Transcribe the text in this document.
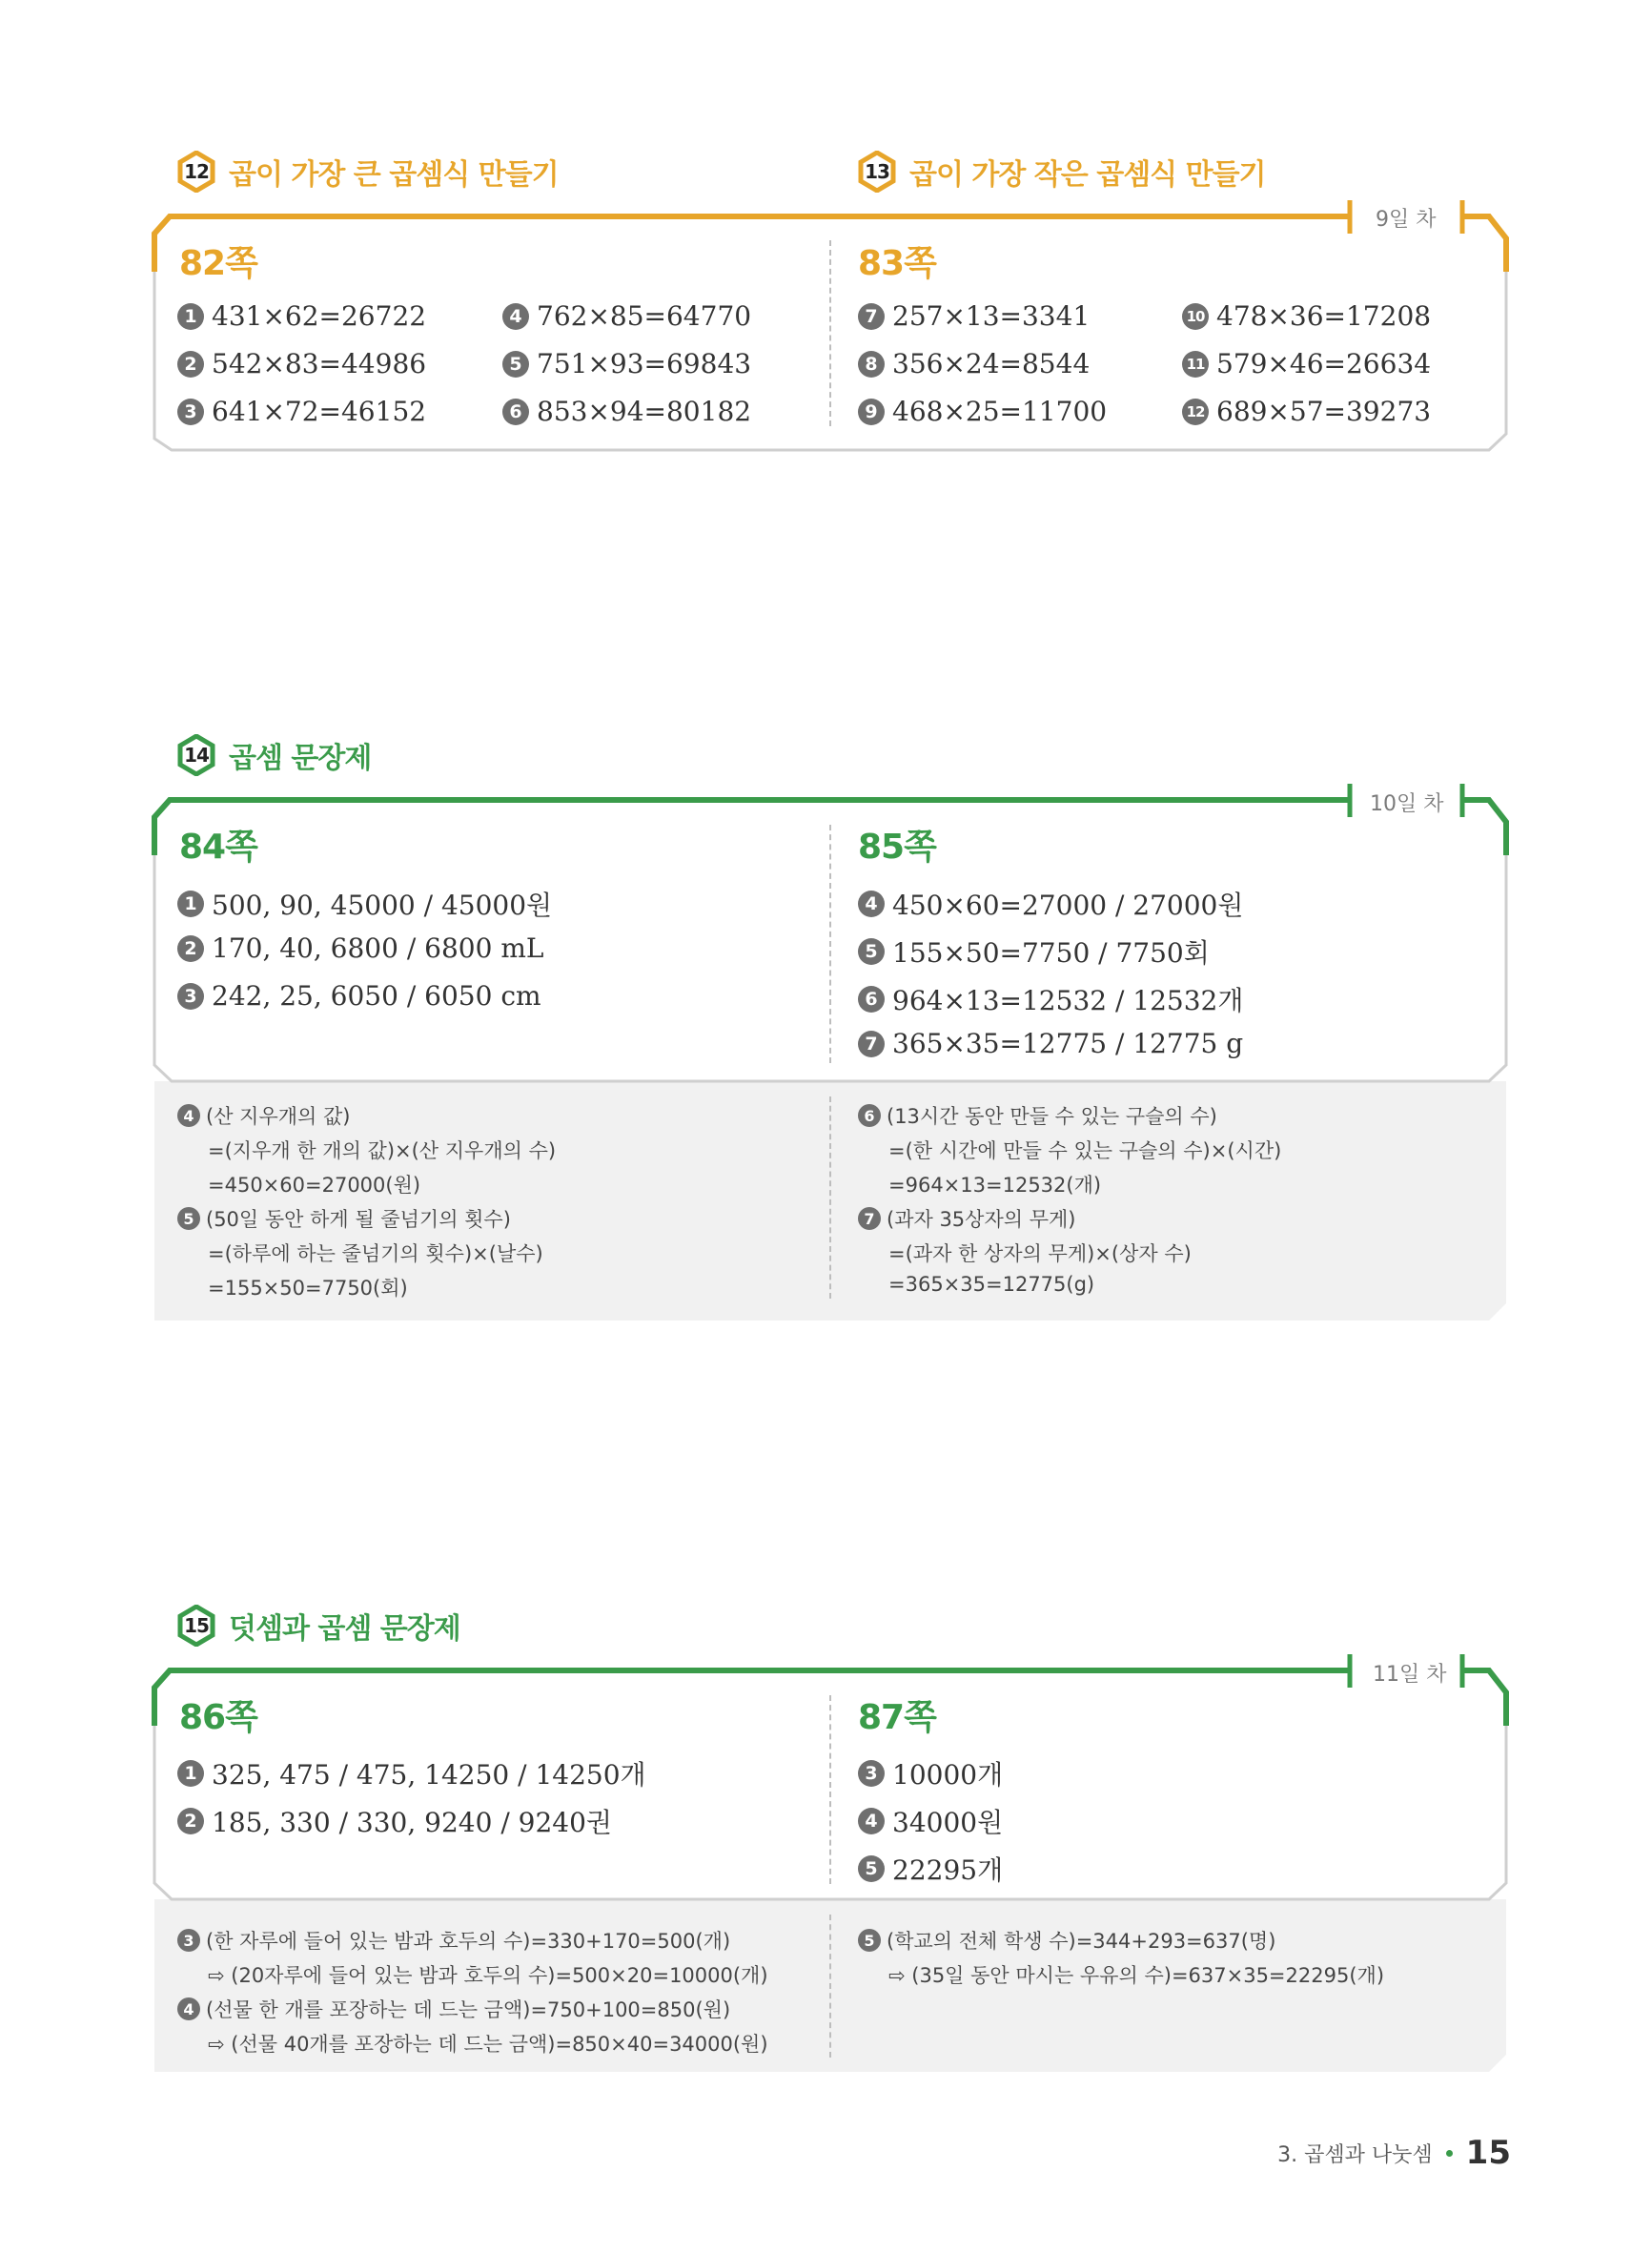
12 곱이 가장 큰 곱셈식 만들기	13 곱이 가장 작은 곱셈식 만들기
9일 차
82쪽	83쪽
1 431×62=26722
2 542×83=44986
3 641×72=46152
4 762×85=64770
5 751×93=69843
6 853×94=80182
7 257×13=3341
8 356×24=8544
9 468×25=11700
10 478×36=17208
11 579×46=26634
12 689×57=39273
14 곱셈 문장제
10일 차
84쪽	85쪽
1 500, 90, 45000 / 45000원
2 170, 40, 6800 / 6800 mL
3 242, 25, 6050 / 6050 cm
4 450×60=27000 / 27000원
5 155×50=7750 / 7750회
6 964×13=12532 / 12532개
7 365×35=12775 / 12775 g
4 (산 지우개의 값)
=(지우개 한 개의 값)×(산 지우개의 수)
=450×60=27000(원)
5 (50일 동안 하게 될 줄넘기의 횟수)
=(하루에 하는 줄넘기의 횟수)×(날수)
=155×50=7750(회)
6 (13시간 동안 만들 수 있는 구슬의 수)
=(한 시간에 만들 수 있는 구슬의 수)×(시간)
=964×13=12532(개)
7 (과자 35상자의 무게)
=(과자 한 상자의 무게)×(상자 수)
=365×35=12775(g)
15 덧셈과 곱셈 문장제
11일 차
86쪽	87쪽
1 325, 475 / 475, 14250 / 14250개
2 185, 330 / 330, 9240 / 9240권
3 10000개
4 34000원
5 22295개
3 (한 자루에 들어 있는 밤과 호두의 수)=330+170=500(개)
⇨ (20자루에 들어 있는 밤과 호두의 수)=500×20=10000(개)
4 (선물 한 개를 포장하는 데 드는 금액)=750+100=850(원)
⇨ (선물 40개를 포장하는 데 드는 금액)=850×40=34000(원)
5 (학교의 전체 학생 수)=344+293=637(명)
⇨ (35일 동안 마시는 우유의 수)=637×35=22295(개)
3. 곱셈과 나눗셈 15
